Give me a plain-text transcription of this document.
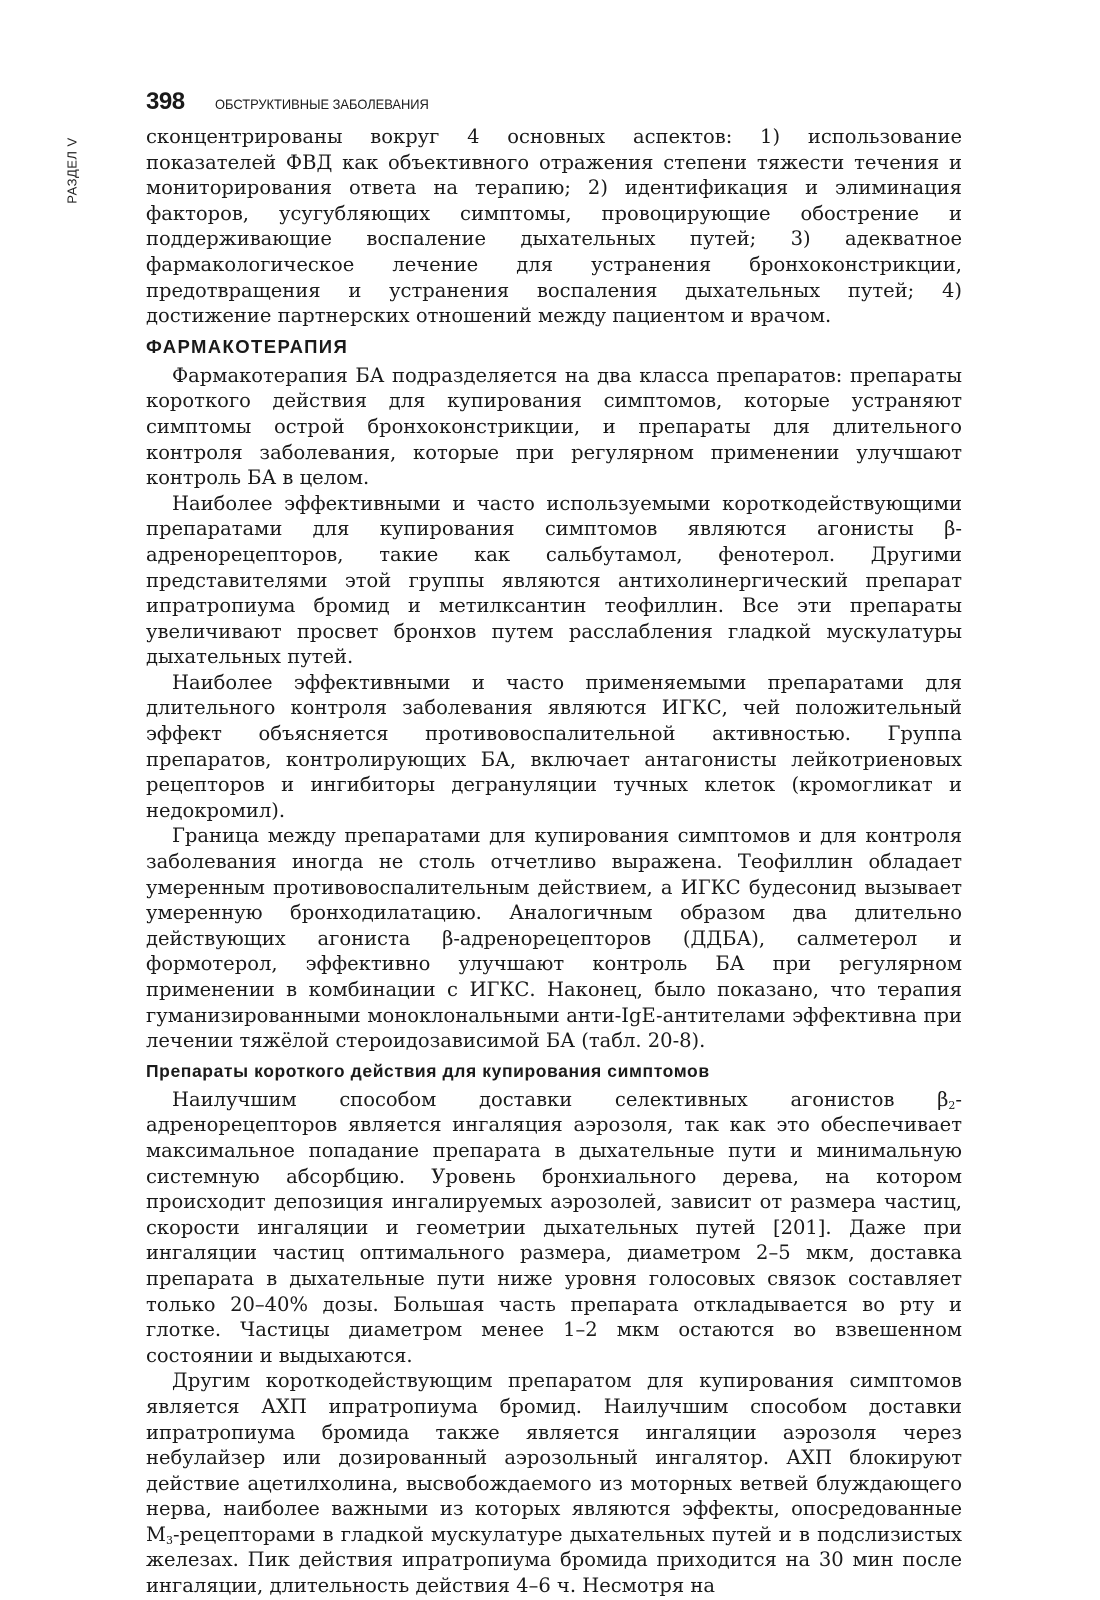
РАЗДЕЛ V
398 ОБСТРУКТИВНЫЕ ЗАБОЛЕВАНИЯ

сконцентрированы вокруг 4 основных аспектов: 1) использование показателей ФВД как объективного отражения степени тяжести течения и мониторирования ответа на терапию; 2) идентификация и элиминация факторов, усугубляющих симптомы, провоцирующие обострение и поддерживающие воспаление дыхательных путей; 3) адекватное фармакологическое лечение для устранения бронхоконстрикции, предотвращения и устранения воспаления дыхательных путей; 4) достижение партнерских отношений между пациентом и врачом.

ФАРМАКОТЕРАПИЯ

Фармакотерапия БА подразделяется на два класса препаратов: препараты короткого действия для купирования симптомов, которые устраняют симптомы острой бронхоконстрикции, и препараты для длительного контроля заболевания, которые при регулярном применении улучшают контроль БА в целом.

Наиболее эффективными и часто используемыми короткодействующими препаратами для купирования симптомов являются агонисты β-адренорецепторов, такие как сальбутамол, фенотерол. Другими представителями этой группы являются антихолинергический препарат ипратропиума бромид и метилксантин теофиллин. Все эти препараты увеличивают просвет бронхов путем расслабления гладкой мускулатуры дыхательных путей.

Наиболее эффективными и часто применяемыми препаратами для длительного контроля заболевания являются ИГКС, чей положительный эффект объясняется противовоспалительной активностью. Группа препаратов, контролирующих БА, включает антагонисты лейкотриеновых рецепторов и ингибиторы дегрануляции тучных клеток (кромогликат и недокромил).

Граница между препаратами для купирования симптомов и для контроля заболевания иногда не столь отчетливо выражена. Теофиллин обладает умеренным противовоспалительным действием, а ИГКС будесонид вызывает умеренную бронходилатацию. Аналогичным образом два длительно действующих агониста β-адренорецепторов (ДДБА), салметерол и формотерол, эффективно улучшают контроль БА при регулярном применении в комбинации с ИГКС. Наконец, было показано, что терапия гуманизированными моноклональными анти-IgE-антителами эффективна при лечении тяжёлой стероидозависимой БА (табл. 20-8).

Препараты короткого действия для купирования симптомов

Наилучшим способом доставки селективных агонистов $\beta_2$-адренорецепторов является ингаляция аэрозоля, так как это обеспечивает максимальное попадание препарата в дыхательные пути и минимальную системную абсорбцию. Уровень бронхиального дерева, на котором происходит депозиция ингалируемых аэрозолей, зависит от размера частиц, скорости ингаляции и геометрии дыхательных путей [201]. Даже при ингаляции частиц оптимального размера, диаметром 2–5 мкм, доставка препарата в дыхательные пути ниже уровня голосовых связок составляет только 20–40% дозы. Большая часть препарата откладывается во рту и глотке. Частицы диаметром менее 1–2 мкм остаются во взвешенном состоянии и выдыхаются.

Другим короткодействующим препаратом для купирования симптомов является АХП ипратропиума бромид. Наилучшим способом доставки ипратропиума бромида также является ингаляции аэрозоля через небулайзер или дозированный аэрозольный ингалятор. АХП блокируют действие ацетилхолина, высвобождаемого из моторных ветвей блуждающего нерва, наиболее важными из которых являются эффекты, опосредованные $М_3$-рецепторами в гладкой мускулатуре дыхательных путей и в подслизистых железах. Пик действия ипратропиума бромида приходится на 30 мин после ингаляции, длительность действия 4–6 ч. Несмотря на
